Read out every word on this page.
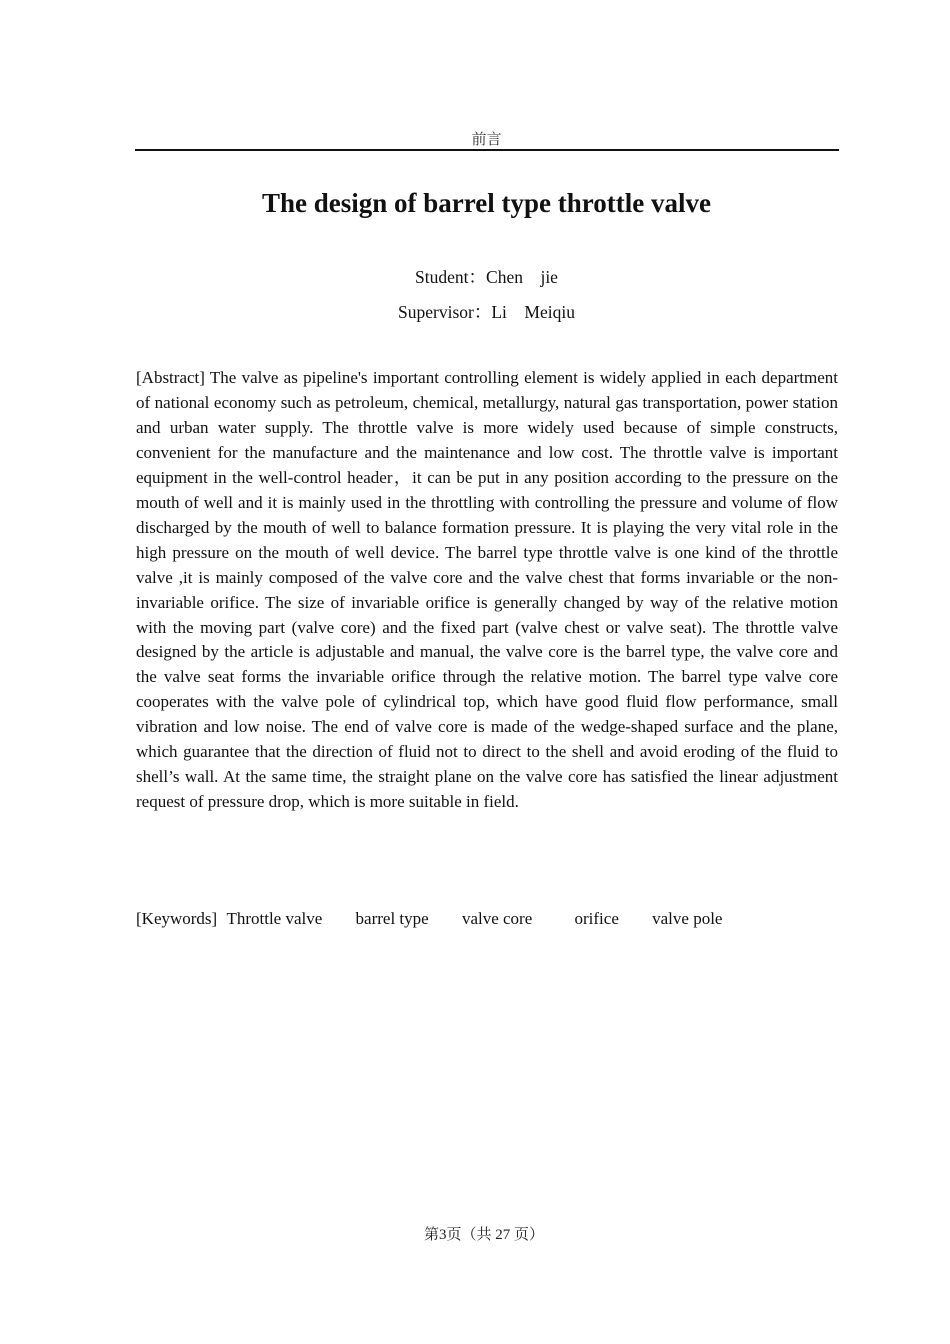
前言
The design of barrel type throttle valve
Student：Chen    jie
Supervisor：Li    Meiqiu

[Abstract] The valve as pipeline's important controlling element is widely applied in each department of national economy such as petroleum, chemical, metallurgy, natural gas transportation, power station and urban water supply. The throttle valve is more widely used because of simple constructs, convenient for the manufacture and the maintenance and low cost. The throttle valve is important equipment in the well-control header，it can be put in any position according to the pressure on the mouth of well and it is mainly used in the throttling with controlling the pressure and volume of flow discharged by the mouth of well to balance formation pressure. It is playing the very vital role in the high pressure on the mouth of well device. The barrel type throttle valve is one kind of the throttle valve ,it is mainly composed of the valve core and the valve chest that forms invariable or the non-invariable orifice. The size of invariable orifice is generally changed by way of the relative motion with the moving part (valve core) and the fixed part (valve chest or valve seat). The throttle valve designed by the article is adjustable and manual, the valve core is the barrel type, the valve core and the valve seat forms the invariable orifice through the relative motion. The barrel type valve core cooperates with the valve pole of cylindrical top, which have good fluid flow performance, small vibration and low noise. The end of valve core is made of the wedge-shaped surface and the plane, which guarantee that the direction of fluid not to direct to the shell and avoid eroding of the fluid to shell’s wall. At the same time, the straight plane on the valve core has satisfied the linear adjustment request of pressure drop, which is more suitable in field.

[Keywords] Throttle valve barrel type valve core orifice valve pole
第3页（共 27 页）
